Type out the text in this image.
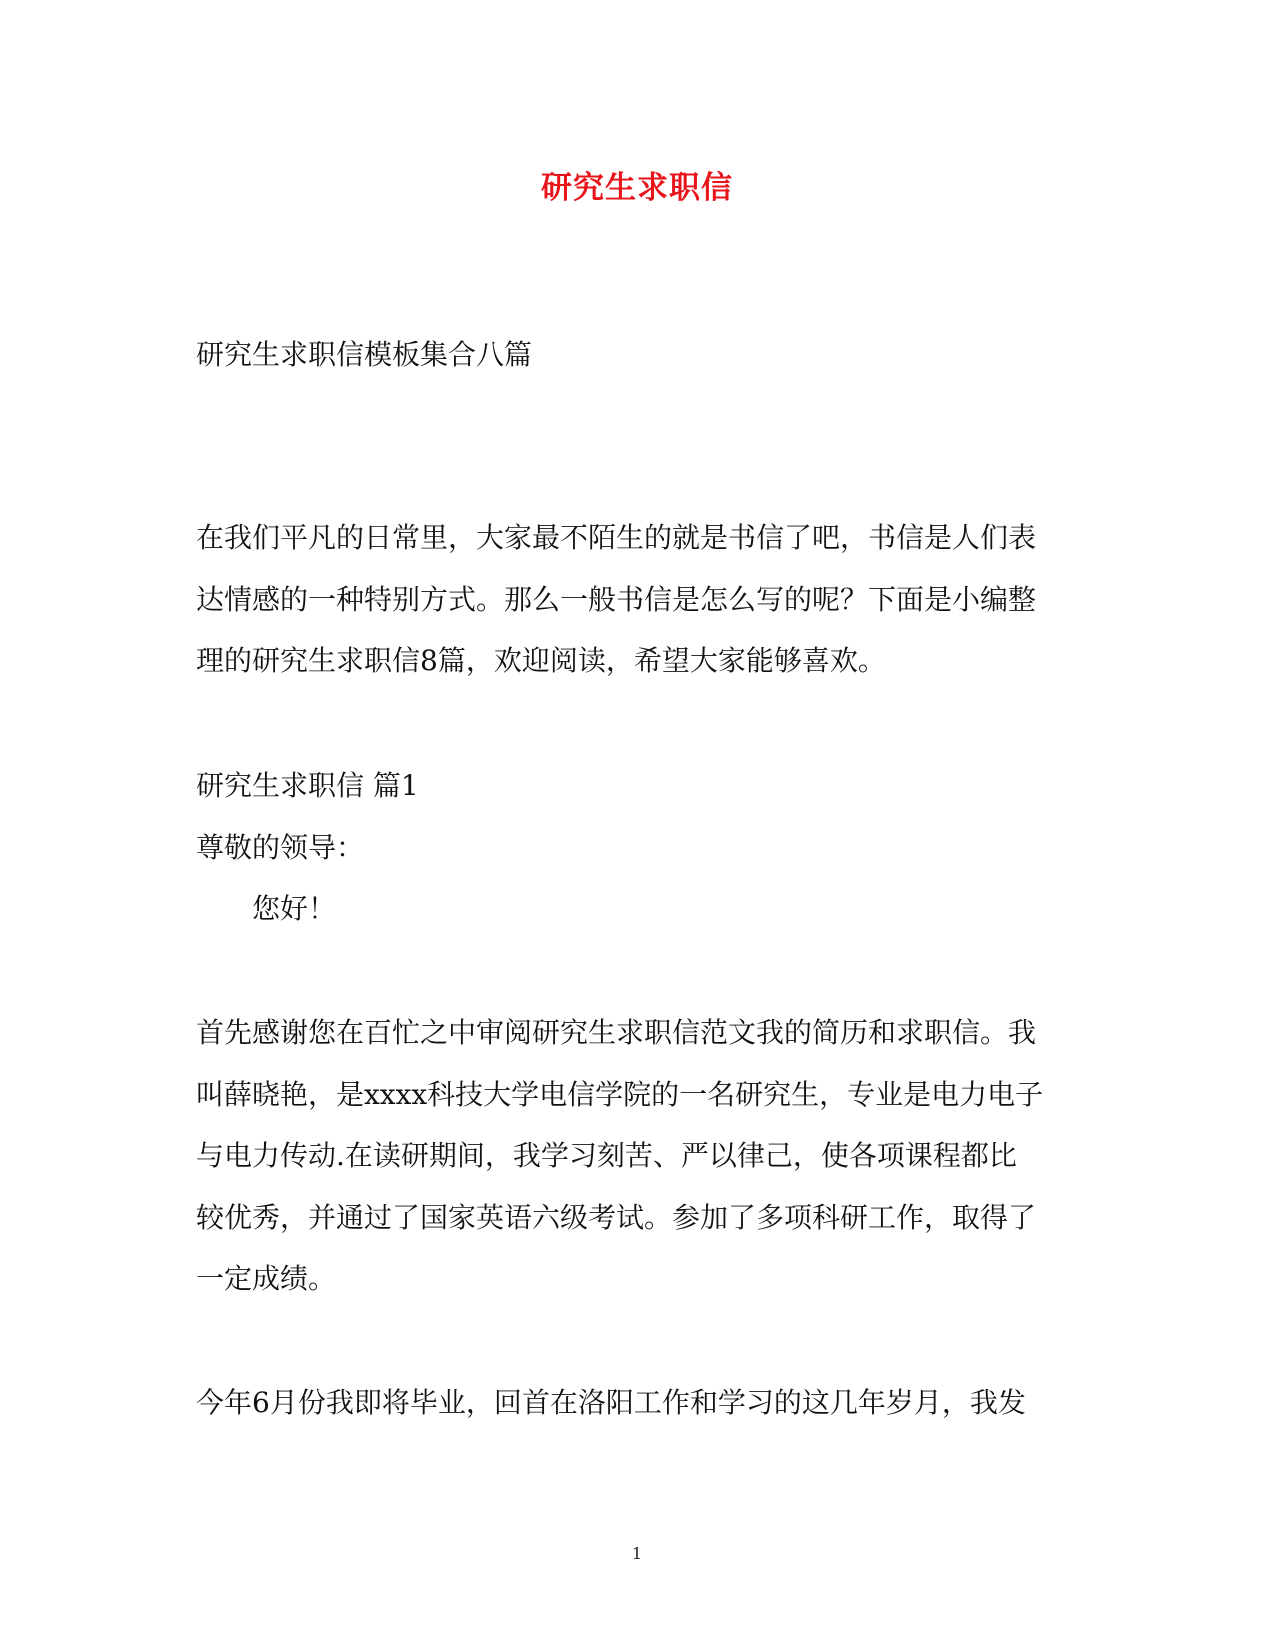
研究生求职信
研究生求职信模板集合八篇
在我们平凡的日常里，大家最不陌生的就是书信了吧，书信是人们表
达情感的一种特别方式。那么一般书信是怎么写的呢？下面是小编整
理的研究生求职信8篇，欢迎阅读，希望大家能够喜欢。
研究生求职信 篇1
尊敬的领导：
您好！
首先感谢您在百忙之中审阅研究生求职信范文我的简历和求职信。我
叫薛晓艳，是xxxx科技大学电信学院的一名研究生，专业是电力电子
与电力传动.在读研期间，我学习刻苦、严以律己，使各项课程都比
较优秀，并通过了国家英语六级考试。参加了多项科研工作，取得了
一定成绩。
今年6月份我即将毕业，回首在洛阳工作和学习的这几年岁月，我发
1
